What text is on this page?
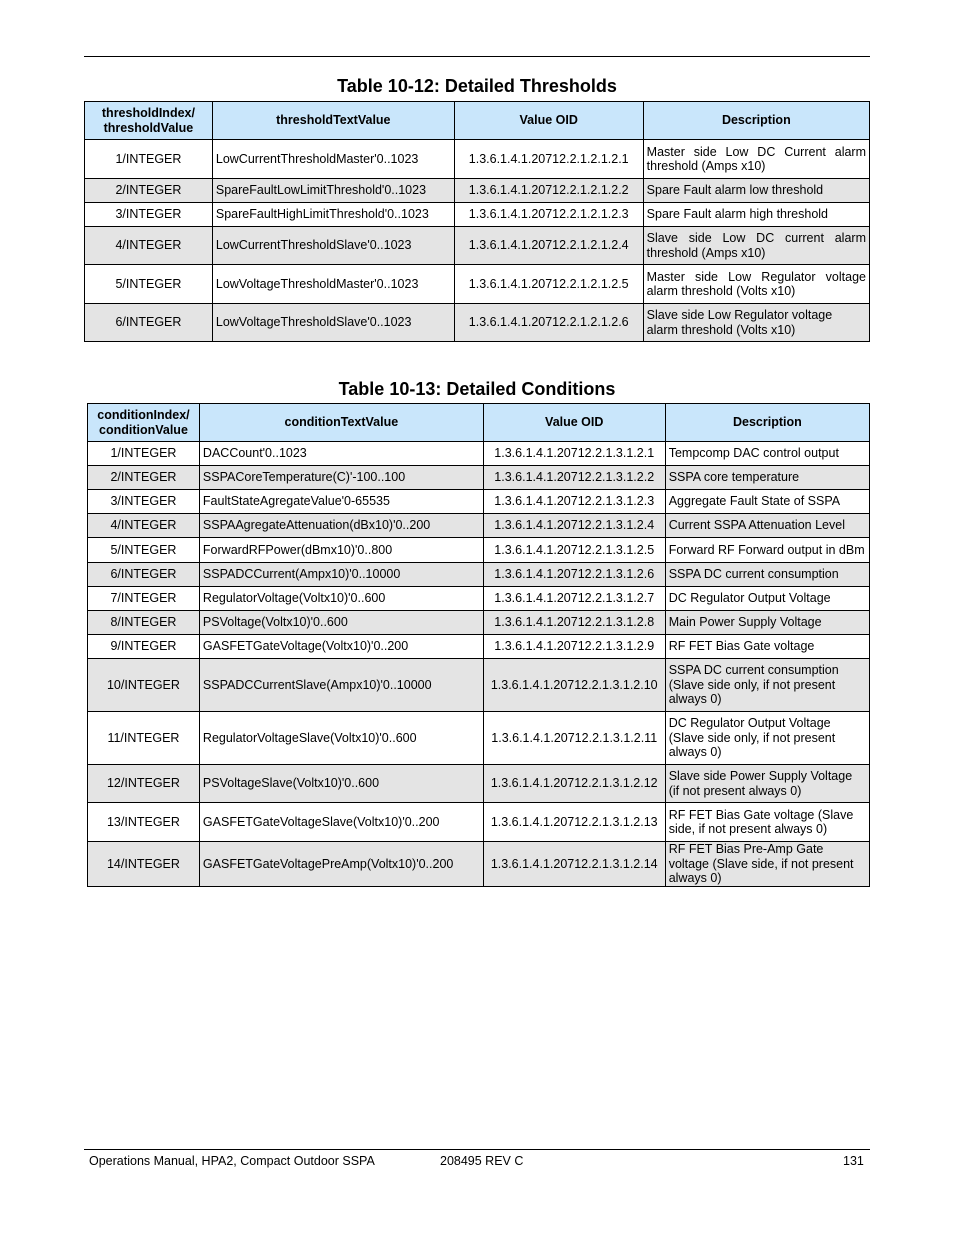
Table 10-12: Detailed Thresholds
thresholdIndex/
thresholdValue	thresholdTextValue	Value OID	Description
1/INTEGER	LowCurrentThresholdMaster'0..1023	1.3.6.1.4.1.20712.2.1.2.1.2.1	Master side Low DC Current alarm threshold (Amps x10)
2/INTEGER	SpareFaultLowLimitThreshold'0..1023	1.3.6.1.4.1.20712.2.1.2.1.2.2	Spare Fault alarm low threshold
3/INTEGER	SpareFaultHighLimitThreshold'0..1023	1.3.6.1.4.1.20712.2.1.2.1.2.3	Spare Fault alarm high threshold
4/INTEGER	LowCurrentThresholdSlave'0..1023	1.3.6.1.4.1.20712.2.1.2.1.2.4	Slave side Low DC current alarm threshold (Amps x10)
5/INTEGER	LowVoltageThresholdMaster'0..1023	1.3.6.1.4.1.20712.2.1.2.1.2.5	Master side Low Regulator voltage alarm threshold (Volts x10)
6/INTEGER	LowVoltageThresholdSlave'0..1023	1.3.6.1.4.1.20712.2.1.2.1.2.6	Slave side Low Regulator voltage alarm threshold (Volts x10)
Table 10-13: Detailed Conditions
conditionIndex/
conditionValue	conditionTextValue	Value OID	Description
1/INTEGER	DACCount'0..1023	1.3.6.1.4.1.20712.2.1.3.1.2.1	Tempcomp DAC control output
2/INTEGER	SSPACoreTemperature(C)'-100..100	1.3.6.1.4.1.20712.2.1.3.1.2.2	SSPA core temperature
3/INTEGER	FaultStateAgregateValue'0-65535	1.3.6.1.4.1.20712.2.1.3.1.2.3	Aggregate Fault State of SSPA
4/INTEGER	SSPAAgregateAttenuation(dBx10)'0..200	1.3.6.1.4.1.20712.2.1.3.1.2.4	Current SSPA Attenuation Level
5/INTEGER	ForwardRFPower(dBmx10)'0..800	1.3.6.1.4.1.20712.2.1.3.1.2.5	Forward RF Forward output in dBm
6/INTEGER	SSPADCCurrent(Ampx10)'0..10000	1.3.6.1.4.1.20712.2.1.3.1.2.6	SSPA DC current consumption
7/INTEGER	RegulatorVoltage(Voltx10)'0..600	1.3.6.1.4.1.20712.2.1.3.1.2.7	DC Regulator Output Voltage
8/INTEGER	PSVoltage(Voltx10)'0..600	1.3.6.1.4.1.20712.2.1.3.1.2.8	Main Power Supply Voltage
9/INTEGER	GASFETGateVoltage(Voltx10)'0..200	1.3.6.1.4.1.20712.2.1.3.1.2.9	RF FET Bias Gate voltage
10/INTEGER	SSPADCCurrentSlave(Ampx10)'0..10000	1.3.6.1.4.1.20712.2.1.3.1.2.10	SSPA DC current consumption (Slave side only, if not present always 0)
11/INTEGER	RegulatorVoltageSlave(Voltx10)'0..600	1.3.6.1.4.1.20712.2.1.3.1.2.11	DC Regulator Output Voltage (Slave side only, if not present always 0)
12/INTEGER	PSVoltageSlave(Voltx10)'0..600	1.3.6.1.4.1.20712.2.1.3.1.2.12	Slave side Power Supply Voltage (if not present always 0)
13/INTEGER	GASFETGateVoltageSlave(Voltx10)'0..200	1.3.6.1.4.1.20712.2.1.3.1.2.13	RF FET Bias Gate voltage (Slave side, if not present always 0)
14/INTEGER	GASFETGateVoltagePreAmp(Voltx10)'0..200	1.3.6.1.4.1.20712.2.1.3.1.2.14	RF FET Bias Pre-Amp Gate voltage (Slave side, if not present always 0)
Operations Manual, HPA2, Compact Outdoor SSPA	208495 REV C	131
